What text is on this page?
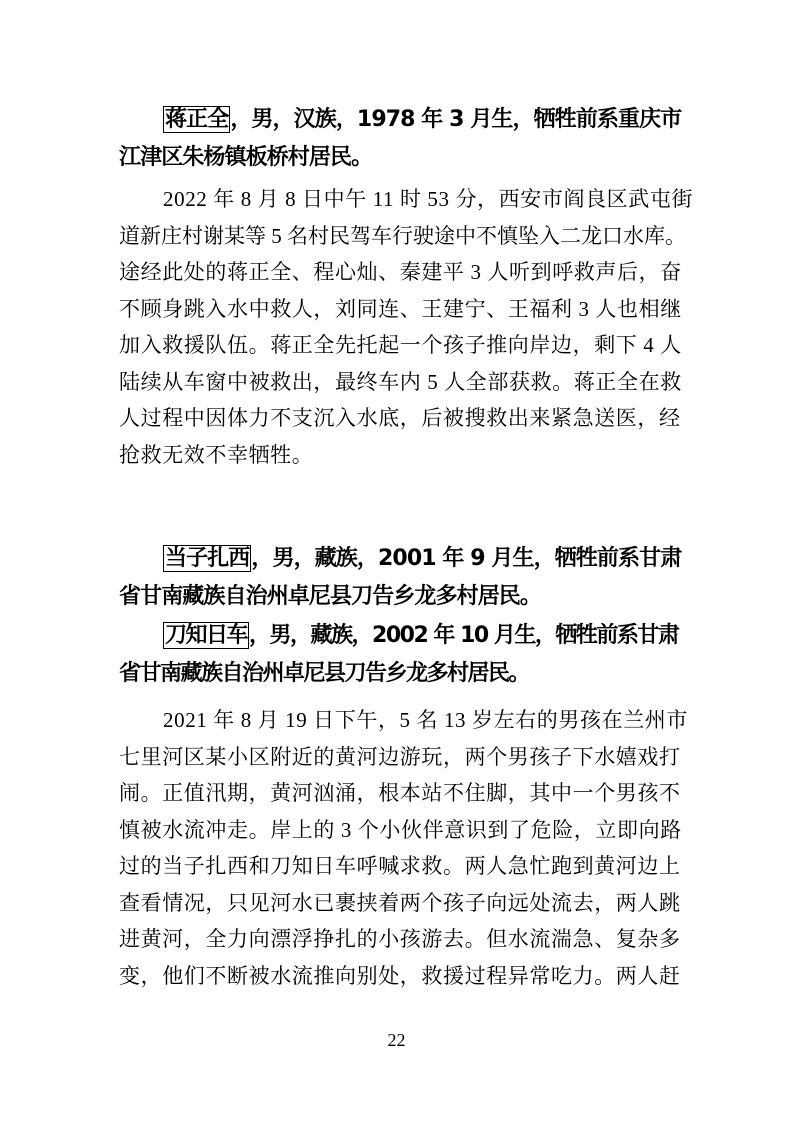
蒋正全，男，汉族，1978 年 3 月生，牺牲前系重庆市
江津区朱杨镇板桥村居民。

2022 年 8 月 8 日中午 11 时 53 分，西安市阎良区武屯街
道新庄村谢某等 5 名村民驾车行驶途中不慎坠入二龙口水库。
途经此处的蒋正全、程心灿、秦建平 3 人听到呼救声后，奋
不顾身跳入水中救人，刘同连、王建宁、王福利 3 人也相继
加入救援队伍。蒋正全先托起一个孩子推向岸边，剩下 4 人
陆续从车窗中被救出，最终车内 5 人全部获救。蒋正全在救
人过程中因体力不支沉入水底，后被搜救出来紧急送医，经
抢救无效不幸牺牲。

当子扎西，男，藏族，2001 年 9 月生，牺牲前系甘肃
省甘南藏族自治州卓尼县刀告乡龙多村居民。

刀知日车，男，藏族，2002 年 10 月生，牺牲前系甘肃
省甘南藏族自治州卓尼县刀告乡龙多村居民。

2021 年 8 月 19 日下午，5 名 13 岁左右的男孩在兰州市
七里河区某小区附近的黄河边游玩，两个男孩子下水嬉戏打
闹。正值汛期，黄河汹涌，根本站不住脚，其中一个男孩不
慎被水流冲走。岸上的 3 个小伙伴意识到了危险，立即向路
过的当子扎西和刀知日车呼喊求救。两人急忙跑到黄河边上
查看情况，只见河水已裹挟着两个孩子向远处流去，两人跳
进黄河，全力向漂浮挣扎的小孩游去。但水流湍急、复杂多
变，他们不断被水流推向别处，救援过程异常吃力。两人赶
22
